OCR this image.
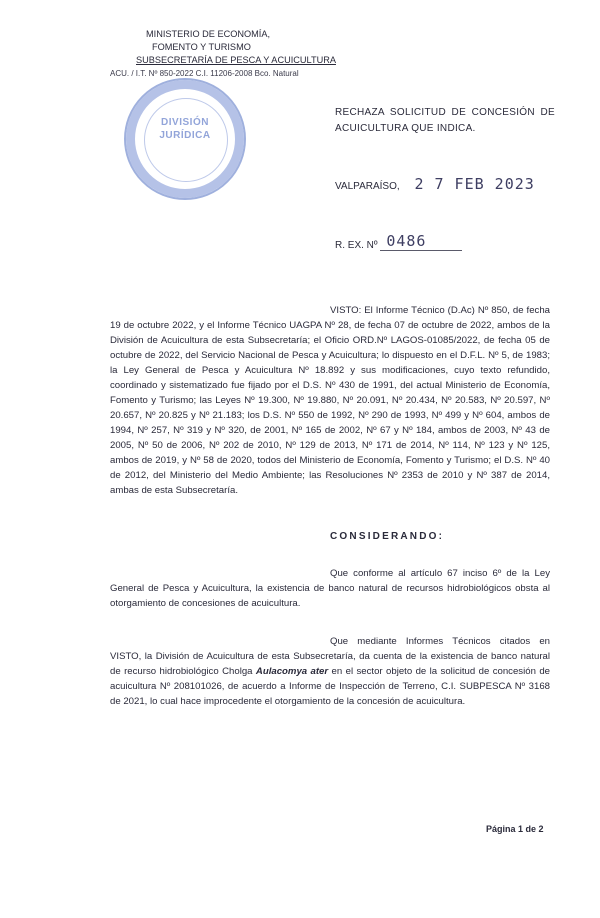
MINISTERIO DE ECONOMÍA,
FOMENTO Y TURISMO
SUBSECRETARÍA DE PESCA Y ACUICULTURA
ACU. / I.T. Nº 850-2022 C.I. 11206-2008 Bco. Natural
DIVISIÓN
JURÍDICA
RECHAZA SOLICITUD DE CONCESIÓN DE ACUICULTURA QUE INDICA.
VALPARAÍSO, 2 7 FEB 2023
R. EX. Nº 0486
VISTO: El Informe Técnico (D.Ac) Nº 850, de fecha 19 de octubre 2022, y el Informe Técnico UAGPA Nº 28, de fecha 07 de octubre de 2022, ambos de la División de Acuicultura de esta Subsecretaría; el Oficio ORD.Nº LAGOS-01085/2022, de fecha 05 de octubre de 2022, del Servicio Nacional de Pesca y Acuicultura; lo dispuesto en el D.F.L. Nº 5, de 1983; la Ley General de Pesca y Acuicultura Nº 18.892 y sus modificaciones, cuyo texto refundido, coordinado y sistematizado fue fijado por el D.S. Nº 430 de 1991, del actual Ministerio de Economía, Fomento y Turismo; las Leyes Nº 19.300, Nº 19.880, Nº 20.091, Nº 20.434, Nº 20.583, Nº 20.597, Nº 20.657, Nº 20.825 y Nº 21.183; los D.S. Nº 550 de 1992, Nº 290 de 1993, Nº 499 y Nº 604, ambos de 1994, Nº 257, Nº 319 y Nº 320, de 2001, Nº 165 de 2002, Nº 67 y Nº 184, ambos de 2003, Nº 43 de 2005, Nº 50 de 2006, Nº 202 de 2010, Nº 129 de 2013, Nº 171 de 2014, Nº 114, Nº 123 y Nº 125, ambos de 2019, y Nº 58 de 2020, todos del Ministerio de Economía, Fomento y Turismo; el D.S. Nº 40 de 2012, del Ministerio del Medio Ambiente; las Resoluciones Nº 2353 de 2010 y Nº 387 de 2014, ambas de esta Subsecretaría.
CONSIDERANDO:
Que conforme al artículo 67 inciso 6º de la Ley General de Pesca y Acuicultura, la existencia de banco natural de recursos hidrobiológicos obsta al otorgamiento de concesiones de acuicultura.
Que mediante Informes Técnicos citados en VISTO, la División de Acuicultura de esta Subsecretaría, da cuenta de la existencia de banco natural de recurso hidrobiológico Cholga Aulacomya ater en el sector objeto de la solicitud de concesión de acuicultura Nº 208101026, de acuerdo a Informe de Inspección de Terreno, C.I. SUBPESCA Nº 3168 de 2021, lo cual hace improcedente el otorgamiento de la concesión de acuicultura.
Página 1 de 2
